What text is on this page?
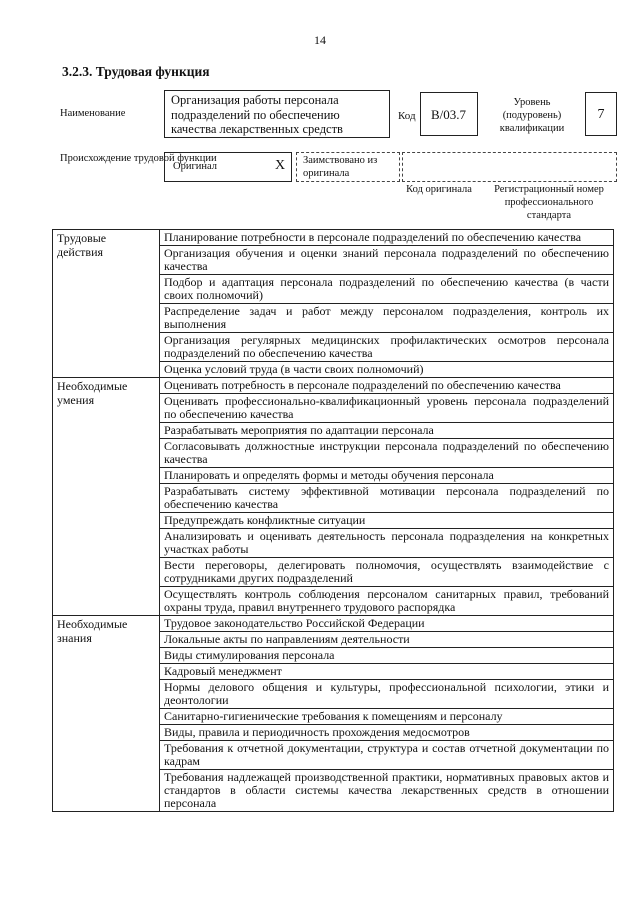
14
3.2.3. Трудовая функция
Наименование
Организация работы персонала подразделений по обеспечению качества лекарственных средств
Код	B/03.7
Уровень (подуровень) квалификации
7
Происхождение трудовой функции
Оригинал	X Заимствовано из оригинала
Код оригинала	Регистрационный номер профессионального стандарта
Трудовые действия	Планирование потребности в персонале подразделений по обеспечению качества
	Организация обучения и оценки знаний персонала подразделений по обеспечению качества
	Подбор и адаптация персонала подразделений по обеспечению качества (в части своих полномочий)
	Распределение задач и работ между персоналом подразделения, контроль их выполнения
	Организация регулярных медицинских профилактических осмотров персонала подразделений по обеспечению качества
	Оценка условий труда (в части своих полномочий)
Необходимые умения	Оценивать потребность в персонале подразделений по обеспечению качества
	Оценивать профессионально-квалификационный уровень персонала подразделений по обеспечению качества
	Разрабатывать мероприятия по адаптации персонала
	Согласовывать должностные инструкции персонала подразделений по обеспечению качества
	Планировать и определять формы и методы обучения персонала
	Разрабатывать систему эффективной мотивации персонала подразделений по обеспечению качества
	Предупреждать конфликтные ситуации
	Анализировать и оценивать деятельность персонала подразделения на конкретных участках работы
	Вести переговоры, делегировать полномочия, осуществлять взаимодействие с сотрудниками других подразделений
	Осуществлять контроль соблюдения персоналом санитарных правил, требований охраны труда, правил внутреннего трудового распорядка
Необходимые знания	Трудовое законодательство Российской Федерации
	Локальные акты по направлениям деятельности
	Виды стимулирования персонала
	Кадровый менеджмент
	Нормы делового общения и культуры, профессиональной психологии, этики и деонтологии
	Санитарно-гигиенические требования к помещениям и персоналу
	Виды, правила и периодичность прохождения медосмотров
	Требования к отчетной документации, структура и состав отчетной документации по кадрам
	Требования надлежащей производственной практики, нормативных правовых актов и стандартов в области системы качества лекарственных средств в отношении персонала
